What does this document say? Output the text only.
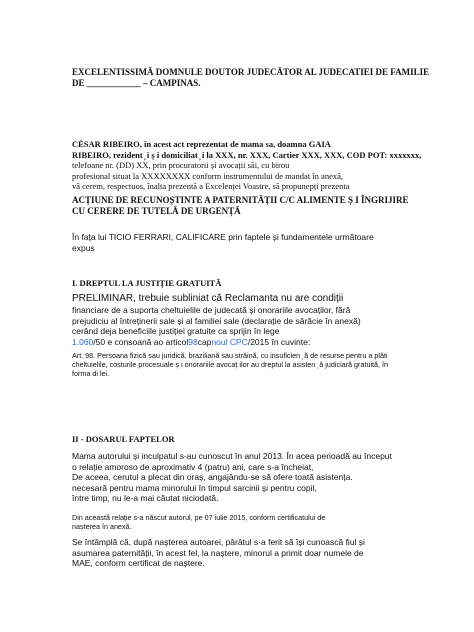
EXCELENTISSIMĂ DOMNULE DOUTOR JUDECĂTOR AL JUDECATIEI DE FAMILIE
DE ____________ – CAMPINAS.
CÉSAR RIBEIRO, în acest act reprezentat de mama sa, doamna GAIA
RIBEIRO, rezident ̦ i ș i domiciliat ̦ i la XXX, nr. XXX, Cartier XXX, XXX, COD POT: xxxxxxx,
telefoane nr. (DD) XX, prin procuratorii și avocații săi, cu birou
profesional situat la XXXXXXXX conform instrumentului de mandat în anexă,
vă cerem, respectuos, înalta prezentă a Excelenței Voastre, să propunepți prezenta
ACȚIUNE DE RECUNOȘTINTE A PATERNITĂȚII C/C ALIMENTE Ș I ÎNGRIJIRE
CU CERERE DE TUTELĂ DE URGENȚĂ
În fața lui TICIO FERRARI, CALIFICARE prin faptele și fundamentele următoare
expus
I. DREPTUL LA JUSTIȚIE GRATUITĂ
PRELIMINAR, trebuie subliniat că Reclamanta nu are condiții
financiare de a suporta cheltuielile de judecată și onorariile avocaților, fără
prejudiciu al întreținerii sale și al familiei sale (declarație de sărăcie în anexă)
cerând deja beneficiile justiției gratuite ca sprijin în lege
1.060/50 e consoană ao articol98capnoul CPC/2015 în cuvinte:
Art. 98. Persoana fizică sau juridică, braziliană sau străină, cu insuficien ̦ ă de resurse pentru a plăti
cheltuielile, costurile procesuale ș i onorariile avocaț ilor au dreptul la asisten ̦ ă judiciară gratuită, în
forma di lei.
II - DOSARUL FAPTELOR
Mama autorului și inculpatul s-au cunoscut în anul 2013. În acea perioadă au început
o relație amoroso de aproximativ 4 (patru) ani, care s-a încheiat,
De aceea, cerutul a plecat din oraș, angajându-se să ofere toată asistența.
necesară pentru mama minorului în timpul sarcinii și pentru copil,
între timp, nu le-a mai căutat niciodată.
Din această relație s-a născut autorul, pe 07 iulie 2015, conform certificatului de
nașterea în anexă.
Se întâmplă că, după nașterea autoarei, pârâtul s-a ferit să își cunoască fiul și
asumarea paternității, în acest fel, la naștere, minorul a primit doar numele de
MAE, conform certificat de naștere.
